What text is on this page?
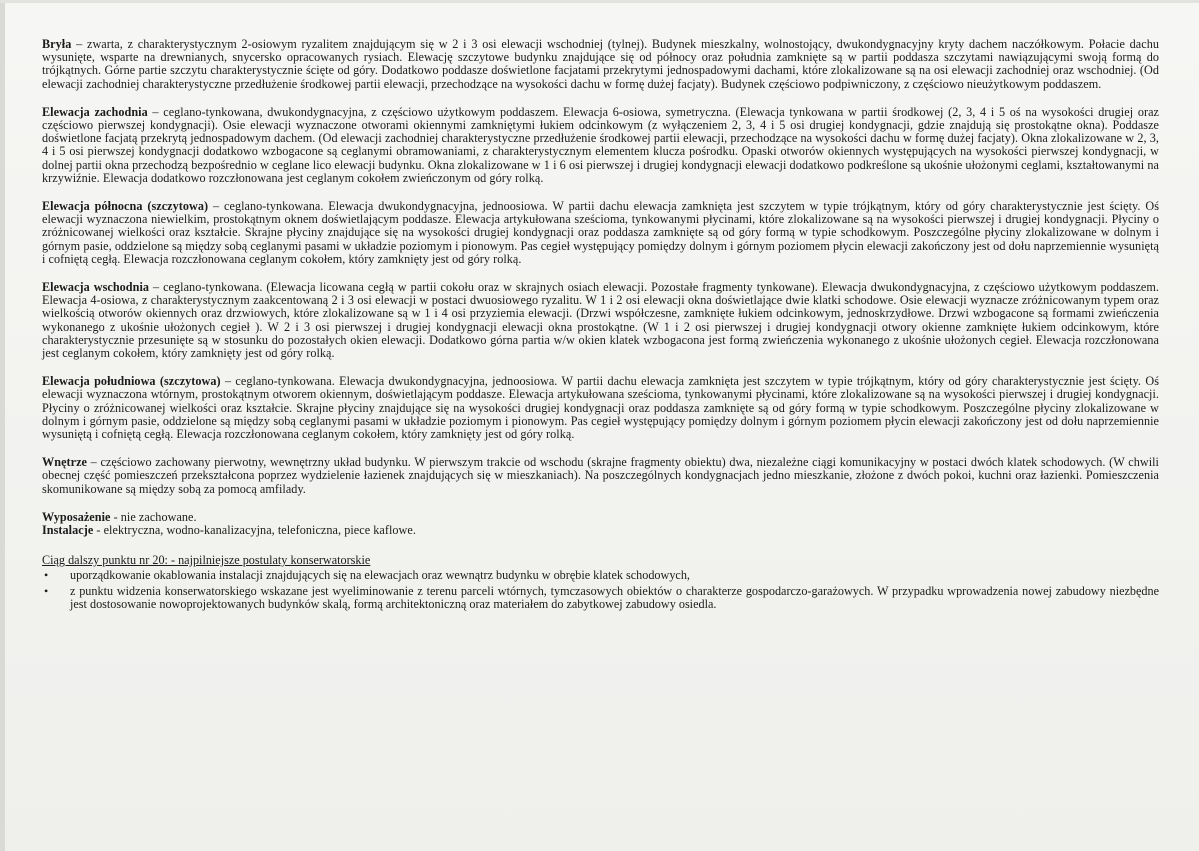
Bryła – zwarta, z charakterystycznym 2-osiowym ryzalitem znajdującym się w 2 i 3 osi elewacji wschodniej (tylnej). Budynek mieszkalny, wolnostojący, dwukondygnacyjny kryty dachem naczółkowym. Połacie dachu wysunięte, wsparte na drewnianych, snycersko opracowanych rysiach. Elewację szczytowe budynku znajdujące się od północy oraz południa zamknięte są w partii poddasza szczytami nawiązującymi swoją formą do trójkątnych. Górne partie szczytu charakterystycznie ścięte od góry. Dodatkowo poddasze doświetlone facjatami przekrytymi jednospadowymi dachami, które zlokalizowane są na osi elewacji zachodniej oraz wschodniej. (Od elewacji zachodniej charakterystyczne przedłużenie środkowej partii elewacji, przechodzące na wysokości dachu w formę dużej facjaty). Budynek częściowo podpiwniczony, z częściowo nieużytkowym poddaszem.

Elewacja zachodnia – ceglano-tynkowana, dwukondygnacyjna, z częściowo użytkowym poddaszem. Elewacja 6-osiowa, symetryczna. (Elewacja tynkowana w partii środkowej (2, 3, 4 i 5 oś na wysokości drugiej oraz częściowo pierwszej kondygnacji). Osie elewacji wyznaczone otworami okiennymi zamkniętymi łukiem odcinkowym (z wyłączeniem 2, 3, 4 i 5 osi drugiej kondygnacji, gdzie znajdują się prostokątne okna). Poddasze doświetlone facjatą przekrytą jednospadowym dachem. (Od elewacji zachodniej charakterystyczne przedłużenie środkowej partii elewacji, przechodzące na wysokości dachu w formę dużej facjaty). Okna zlokalizowane w 2, 3, 4 i 5 osi pierwszej kondygnacji dodatkowo wzbogacone są ceglanymi obramowaniami, z charakterystycznym elementem klucza pośrodku. Opaski otworów okiennych występujących na wysokości pierwszej kondygnacji, w dolnej partii okna przechodzą bezpośrednio w ceglane lico elewacji budynku. Okna zlokalizowane w 1 i 6 osi pierwszej i drugiej kondygnacji elewacji dodatkowo podkreślone są ukośnie ułożonymi ceglami, kształtowanymi na krzywiźnie. Elewacja dodatkowo rozczłonowana jest ceglanym cokołem zwieńczonym od góry rolką.

Elewacja północna (szczytowa) – ceglano-tynkowana. Elewacja dwukondygnacyjna, jednoosiowa. W partii dachu elewacja zamknięta jest szczytem w typie trójkątnym, który od góry charakterystycznie jest ścięty. Oś elewacji wyznaczona niewielkim, prostokątnym oknem doświetlającym poddasze. Elewacja artykułowana sześcioma, tynkowanymi płycinami, które zlokalizowane są na wysokości pierwszej i drugiej kondygnacji. Płyciny o zróżnicowanej wielkości oraz kształcie. Skrajne płyciny znajdujące się na wysokości drugiej kondygnacji oraz poddasza zamknięte są od góry formą w typie schodkowym. Poszczególne płyciny zlokalizowane w dolnym i górnym pasie, oddzielone są między sobą ceglanymi pasami w układzie poziomym i pionowym. Pas cegieł występujący pomiędzy dolnym i górnym poziomem płycin elewacji zakończony jest od dołu naprzemiennie wysuniętą i cofniętą cegłą. Elewacja rozczłonowana ceglanym cokołem, który zamknięty jest od góry rolką.

Elewacja wschodnia – ceglano-tynkowana. (Elewacja licowana cegłą w partii cokołu oraz w skrajnych osiach elewacji. Pozostałe fragmenty tynkowane). Elewacja dwukondygnacyjna, z częściowo użytkowym poddaszem. Elewacja 4-osiowa, z charakterystycznym zaakcentowaną 2 i 3 osi elewacji w postaci dwuosiowego ryzalitu. W 1 i 2 osi elewacji okna doświetlające dwie klatki schodowe. Osie elewacji wyznacze zróżnicowanym typem oraz wielkością otworów okiennych oraz drzwiowych, które zlokalizowane są w 1 i 4 osi przyziemia elewacji. (Drzwi współczesne, zamknięte łukiem odcinkowym, jednoskrzydłowe. Drzwi wzbogacone są formami zwieńczenia wykonanego z ukośnie ułożonych cegieł ). W 2 i 3 osi pierwszej i drugiej kondygnacji elewacji okna prostokątne. (W 1 i 2 osi pierwszej i drugiej kondygnacji otwory okienne zamknięte łukiem odcinkowym, które charakterystycznie przesunięte są w stosunku do pozostałych okien elewacji. Dodatkowo górna partia w/w okien klatek wzbogacona jest formą zwieńczenia wykonanego z ukośnie ułożonych cegieł. Elewacja rozczłonowana jest ceglanym cokołem, który zamknięty jest od góry rolką.

Elewacja południowa (szczytowa) – ceglano-tynkowana. Elewacja dwukondygnacyjna, jednoosiowa. W partii dachu elewacja zamknięta jest szczytem w typie trójkątnym, który od góry charakterystycznie jest ścięty. Oś elewacji wyznaczona wtórnym, prostokątnym otworem okiennym, doświetlającym poddasze. Elewacja artykułowana sześcioma, tynkowanymi płycinami, które zlokalizowane są na wysokości pierwszej i drugiej kondygnacji. Płyciny o zróżnicowanej wielkości oraz kształcie. Skrajne płyciny znajdujące się na wysokości drugiej kondygnacji oraz poddasza zamknięte są od góry formą w typie schodkowym. Poszczególne płyciny zlokalizowane w dolnym i górnym pasie, oddzielone są między sobą ceglanymi pasami w układzie poziomym i pionowym. Pas cegieł występujący pomiędzy dolnym i górnym poziomem płycin elewacji zakończony jest od dołu naprzemiennie wysuniętą i cofniętą cegłą. Elewacja rozczłonowana ceglanym cokołem, który zamknięty jest od góry rolką.

Wnętrze – częściowo zachowany pierwotny, wewnętrzny układ budynku. W pierwszym trakcie od wschodu (skrajne fragmenty obiektu) dwa, niezależne ciągi komunikacyjny w postaci dwóch klatek schodowych. (W chwili obecnej część pomieszczeń przekształcona poprzez wydzielenie łazienek znajdujących się w mieszkaniach). Na poszczególnych kondygnacjach jedno mieszkanie, złożone z dwóch pokoi, kuchni oraz łazienki. Pomieszczenia skomunikowane są między sobą za pomocą amfilady.

Wyposażenie - nie zachowane.

Instalacje - elektryczna, wodno-kanalizacyjna, telefoniczna, piece kaflowe.

Ciąg dalszy punktu nr 20: - najpilniejsze postulaty konserwatorskie
• uporządkowanie okablowania instalacji znajdujących się na elewacjach oraz wewnątrz budynku w obrębie klatek schodowych,
• z punktu widzenia konserwatorskiego wskazane jest wyeliminowanie z terenu parceli wtórnych, tymczasowych obiektów o charakterze gospodarczo-garażowych. W przypadku wprowadzenia nowej zabudowy niezbędne jest dostosowanie nowoprojektowanych budynków skalą, formą architektoniczną oraz materiałem do zabytkowej zabudowy osiedla.
